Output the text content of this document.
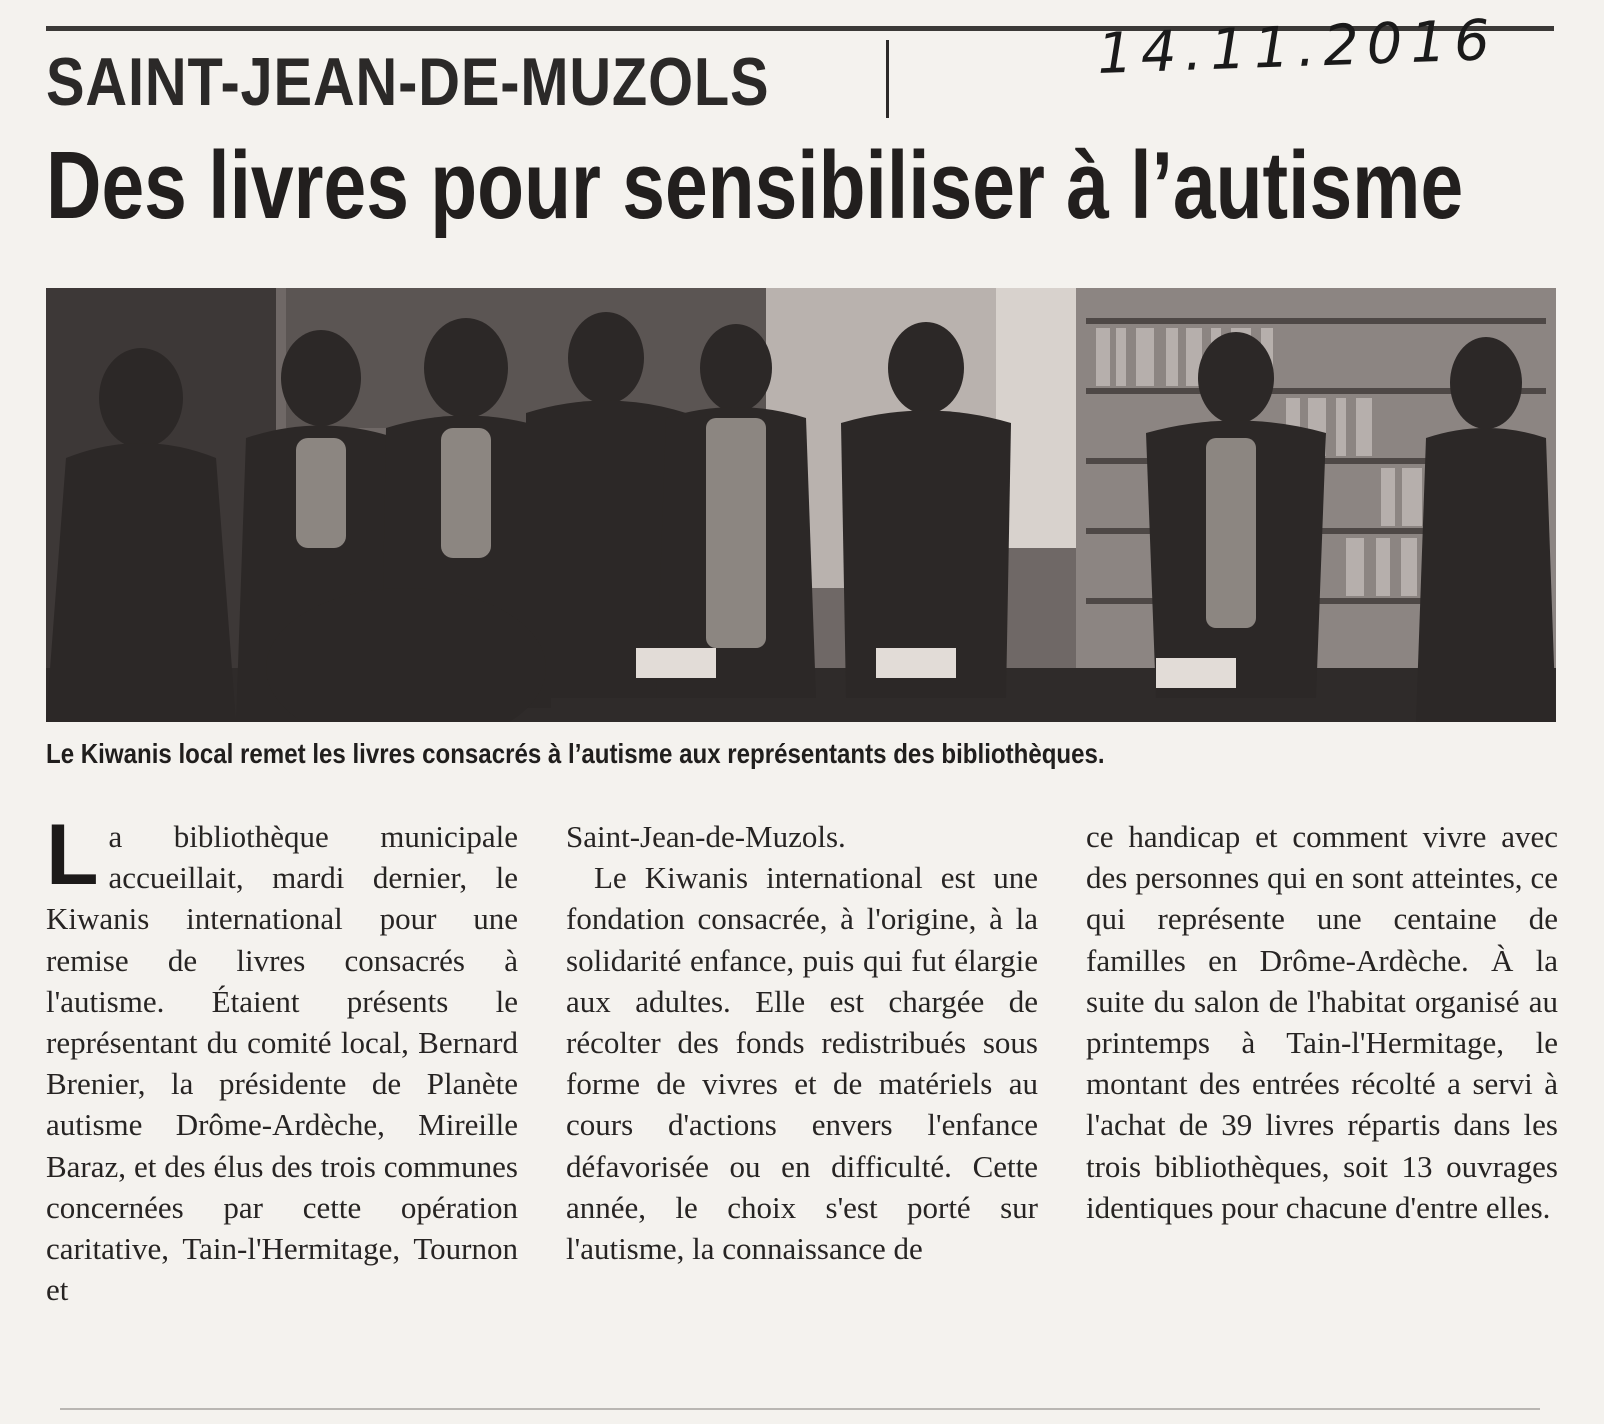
SAINT-JEAN-DE-MUZOLS	14.11.2016
Des livres pour sensibiliser à l’autisme
Le Kiwanis local remet les livres consacrés à l’autisme aux représentants des bibliothèques.
L a bibliothèque municipale accueillait, mardi dernier, le Kiwanis international pour une remise de livres consacrés à l'autisme. Étaient présents le représentant du comité local, Bernard Brenier, la présidente de Planète autisme Drôme-Ardèche, Mireille Baraz, et des élus des trois communes concernées par cette opération caritative, Tain-l'Hermitage, Tournon et

Saint-Jean-de-Muzols.

Le Kiwanis international est une fondation consacrée, à l'origine, à la solidarité enfance, puis qui fut élargie aux adultes. Elle est chargée de récolter des fonds redistribués sous forme de vivres et de matériels au cours d'actions envers l'enfance défavorisée ou en difficulté. Cette année, le choix s'est porté sur l'autisme, la connaissance de

ce handicap et comment vivre avec des personnes qui en sont atteintes, ce qui représente une centaine de familles en Drôme-Ardèche. À la suite du salon de l'habitat organisé au printemps à Tain-l'Hermitage, le montant des entrées récolté a servi à l'achat de 39 livres répartis dans les trois bibliothèques, soit 13 ouvrages identiques pour chacune d'entre elles.
